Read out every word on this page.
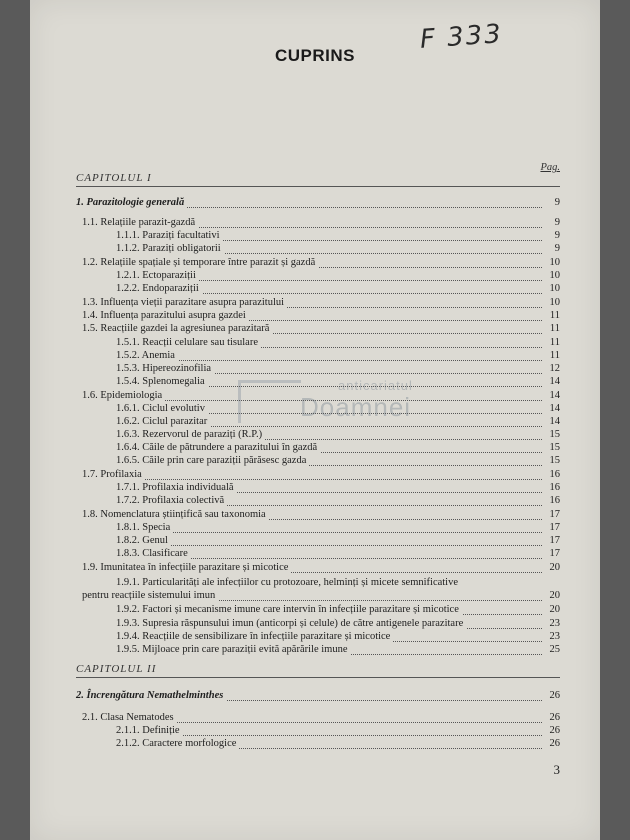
CUPRINS
F 333
Pag.
CAPITOLUL I
anticariatul
Doamnei
1. Parazitologie generală	9
1.1. Relațiile parazit-gazdă	9
1.1.1. Paraziți facultativi	9
1.1.2. Paraziți obligatorii	9
1.2. Relațiile spațiale și temporare între parazit și gazdă	10
1.2.1. Ectoparaziții	10
1.2.2. Endoparaziții	10
1.3. Influența vieții parazitare asupra parazitului	10
1.4. Influența parazitului asupra gazdei	11
1.5. Reacțiile gazdei la agresiunea parazitară	11
1.5.1. Reacții celulare sau tisulare	11
1.5.2. Anemia	11
1.5.3. Hipereozinofilia	12
1.5.4. Splenomegalia	14
1.6. Epidemiologia	14
1.6.1. Ciclul evolutiv	14
1.6.2. Ciclul parazitar	14
1.6.3. Rezervorul de paraziți (R.P.)	15
1.6.4. Căile de pătrundere a parazitului în gazdă	15
1.6.5. Căile prin care paraziții părăsesc gazda	15
1.7. Profilaxia	16
1.7.1. Profilaxia individuală	16
1.7.2. Profilaxia colectivă	16
1.8. Nomenclatura științifică sau taxonomia	17
1.8.1. Specia	17
1.8.2. Genul	17
1.8.3. Clasificare	17
1.9. Imunitatea în infecțiile parazitare și micotice	20
1.9.1. Particularități ale infecțiilor cu protozoare, helminți și micete semnificative
pentru reacțiile sistemului imun	20
1.9.2. Factori și mecanisme imune care intervin în infecțiile parazitare și micotice	20
1.9.3. Supresia răspunsului imun (anticorpi și celule) de către antigenele parazitare	23
1.9.4. Reacțiile de sensibilizare în infecțiile parazitare și micotice	23
1.9.5. Mijloace prin care paraziții evită apărările imune	25
2. Încrengătura Nemathelminthes	26
2.1. Clasa Nematodes	26
2.1.1. Definiție	26
2.1.2. Caractere morfologice	26
CAPITOLUL II
3
